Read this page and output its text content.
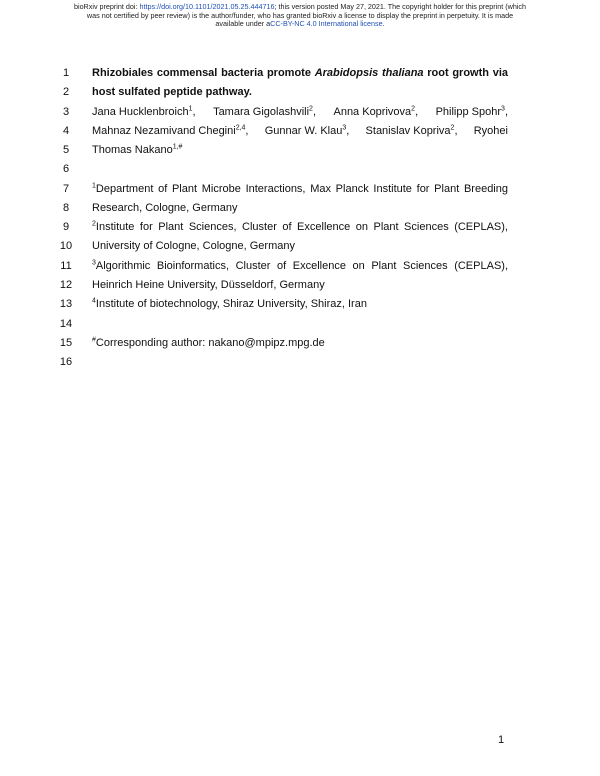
bioRxiv preprint doi: https://doi.org/10.1101/2021.05.25.444716; this version posted May 27, 2021. The copyright holder for this preprint (which
was not certified by peer review) is the author/funder, who has granted bioRxiv a license to display the preprint in perpetuity. It is made
available under aCC-BY-NC 4.0 International license.
1
2
3
4
5
6
7
8
9
10
11
12
13
14
15
16
Rhizobiales commensal bacteria promote Arabidopsis thaliana root growth via
host sulfated peptide pathway.
Jana Hucklenbroich$^1$, Tamara Gigolashvili$^2$, Anna Koprivova$^2$, Philipp Spohr$^3$,
Mahnaz Nezamivand Chegini$^{2,4}$, Gunnar W. Klau$^3$, Stanislav Kopriva$^2$, Ryohei
Thomas Nakano$^{1,\#}$
$^1$Department of Plant Microbe Interactions, Max Planck Institute for Plant Breeding
Research, Cologne, Germany
$^2$Institute for Plant Sciences, Cluster of Excellence on Plant Sciences (CEPLAS),
University of Cologne, Cologne, Germany
$^3$Algorithmic Bioinformatics, Cluster of Excellence on Plant Sciences (CEPLAS),
Heinrich Heine University, Düsseldorf, Germany
$^4$Institute of biotechnology, Shiraz University, Shiraz, Iran
#Corresponding author: nakano@mpipz.mpg.de
1
